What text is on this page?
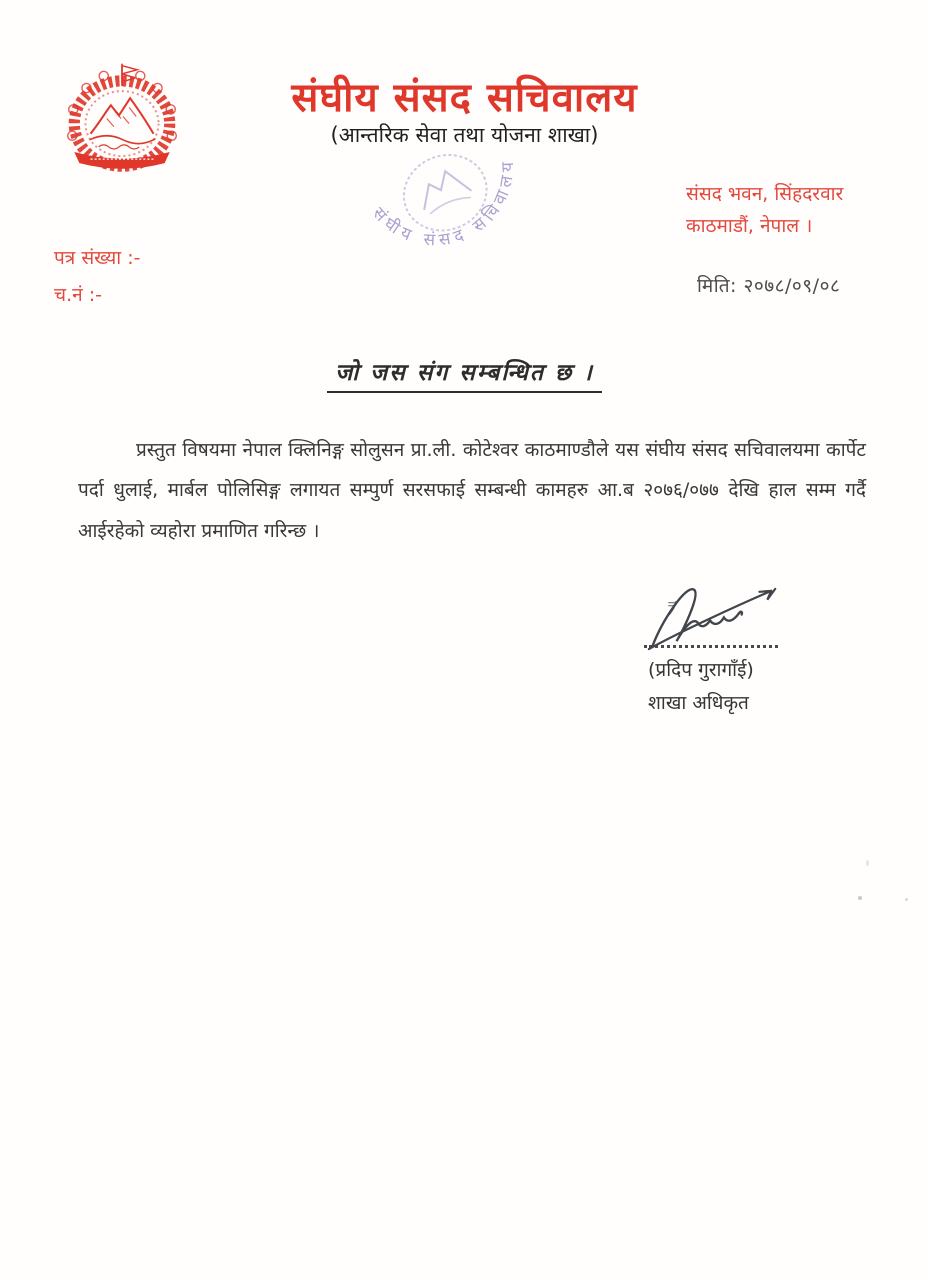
संघीय संसद सचिवालय
(आन्तरिक सेवा तथा योजना शाखा)
संघीय संसद सचिवालय
संसद भवन, सिंहदरवार
काठमाडौं, नेपाल ।
पत्र संख्या :-
च.नं :-	मिति: २०७८/०९/०८
जो जस संग सम्बन्धित छ ।
प्रस्तुत विषयमा नेपाल क्लिनिङ्ग सोलुसन प्रा.ली. कोटेश्वर काठमाण्डौले यस संघीय संसद सचिवालयमा कार्पेट पर्दा धुलाई, मार्बल पोलिसिङ्ग लगायत सम्पुर्ण सरसफाई सम्बन्धी कामहरु आ.ब २०७६/०७७ देखि हाल सम्म गर्दै आईरहेको व्यहोरा प्रमाणित गरिन्छ ।
(प्रदिप गुरागाँई)
शाखा अधिकृत
